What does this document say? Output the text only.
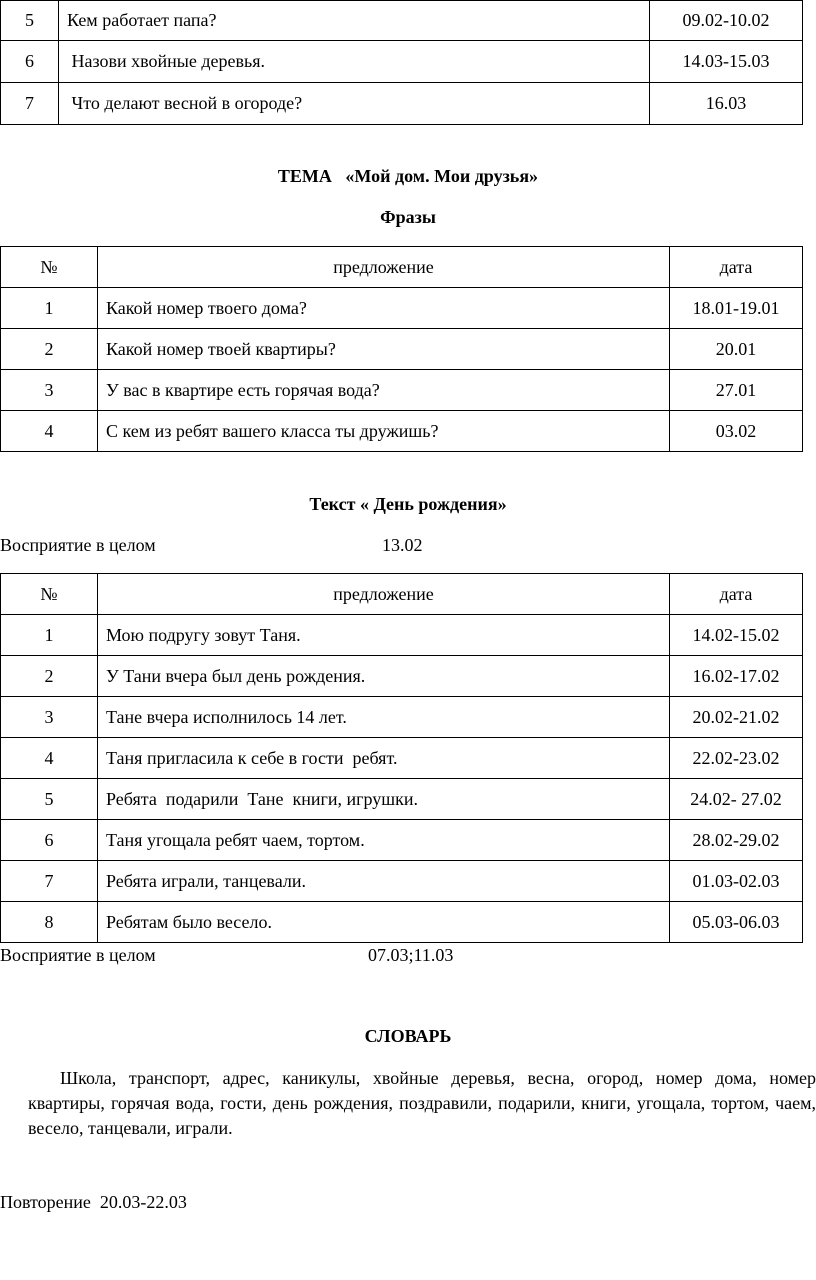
5	Кем работает папа?	09.02-10.02
6	Назови хвойные деревья.	14.03-15.03
7	Что делают весной в огороде?	16.03
ТЕМА   «Мой дом. Мои друзья»
Фразы
№	предложение	дата
1	Какой номер твоего дома?	18.01-19.01
2	Какой номер твоей квартиры?	20.01
3	У вас в квартире есть горячая вода?	27.01
4	С кем из ребят вашего класса ты дружишь?	03.02
Текст « День рождения»
Восприятие в целом	13.02
№	предложение	дата
1	Мою подругу зовут Таня.	14.02-15.02
2	У Тани вчера был день рождения.	16.02-17.02
3	Тане вчера исполнилось 14 лет.	20.02-21.02
4	Таня пригласила к себе в гости  ребят.	22.02-23.02
5	Ребята  подарили  Тане  книги, игрушки.	24.02- 27.02
6	Таня угощала ребят чаем, тортом.	28.02-29.02
7	Ребята играли, танцевали.	01.03-02.03
8	Ребятам было весело.	05.03-06.03
Восприятие в целом	07.03;11.03
СЛОВАРЬ
Школа, транспорт, адрес, каникулы, хвойные деревья, весна, огород, номер дома, номер квартиры, горячая вода, гости, день рождения, поздравили, подарили, книги, угощала, тортом, чаем, весело, танцевали, играли.
Повторение  20.03-22.03
